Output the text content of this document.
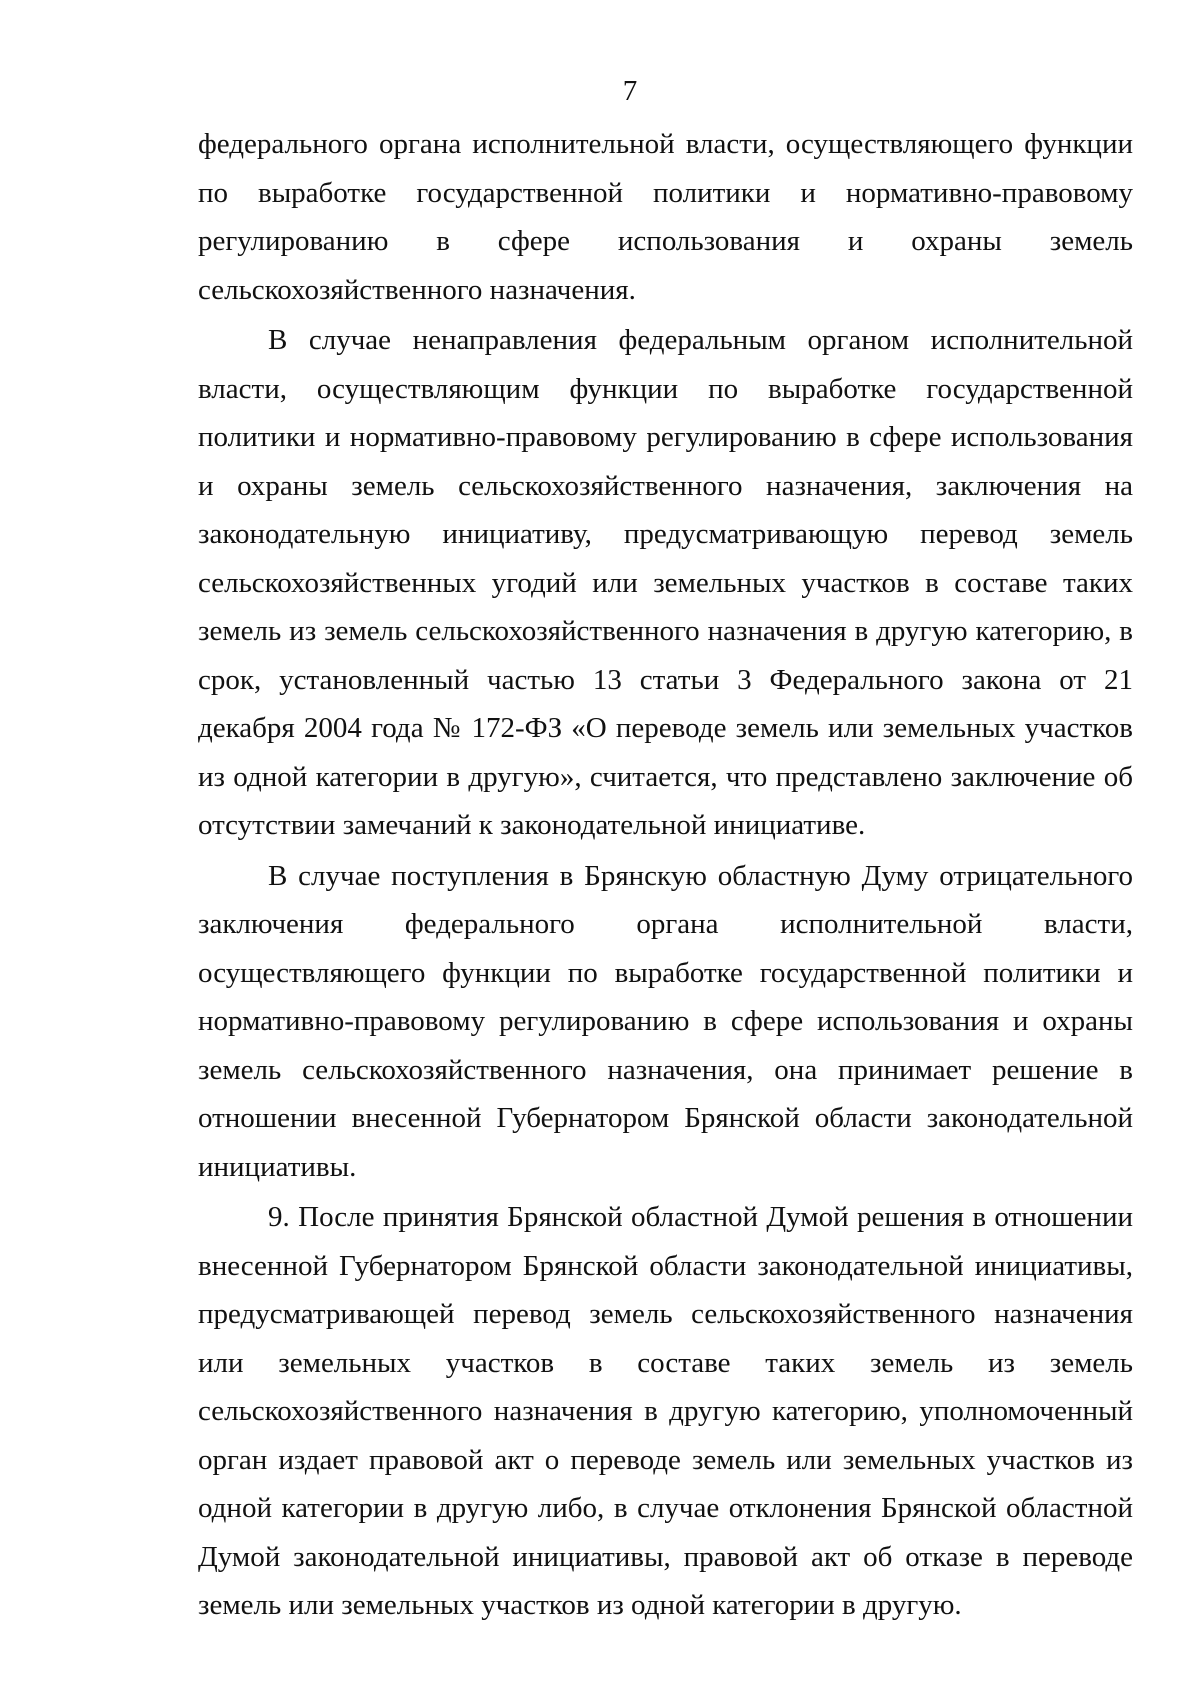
7

федерального органа исполнительной власти, осуществляющего функции по выработке государственной политики и нормативно-правовому регулированию в сфере использования и охраны земель сельскохозяйственного назначения.

В случае ненаправления федеральным органом исполнительной власти, осуществляющим функции по выработке государственной политики и нормативно-правовому регулированию в сфере использования и охраны земель сельскохозяйственного назначения, заключения на законодательную инициативу, предусматривающую перевод земель сельскохозяйственных угодий или земельных участков в составе таких земель из земель сельскохозяйственного назначения в другую категорию, в срок, установленный частью 13 статьи 3 Федерального закона от 21 декабря 2004 года № 172-ФЗ «О переводе земель или земельных участков из одной категории в другую», считается, что представлено заключение об отсутствии замечаний к законодательной инициативе.

В случае поступления в Брянскую областную Думу отрицательного заключения федерального органа исполнительной власти, осуществляющего функции по выработке государственной политики и нормативно-правовому регулированию в сфере использования и охраны земель сельскохозяйственного назначения, она принимает решение в отношении внесенной Губернатором Брянской области законодательной инициативы.

9. После принятия Брянской областной Думой решения в отношении внесенной Губернатором Брянской области законодательной инициативы, предусматривающей перевод земель сельскохозяйственного назначения или земельных участков в составе таких земель из земель сельскохозяйственного назначения в другую категорию, уполномоченный орган издает правовой акт о переводе земель или земельных участков из одной категории в другую либо, в случае отклонения Брянской областной Думой законодательной инициативы, правовой акт об отказе в переводе земель или земельных участков из одной категории в другую.
